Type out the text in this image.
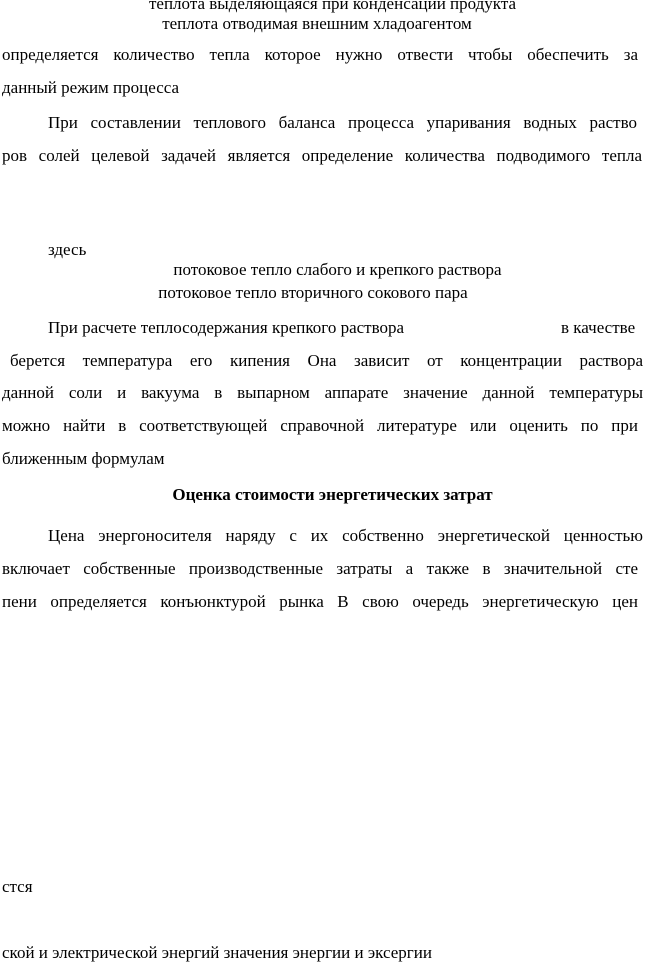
теплота выделяющаяся при конденсации продукта
теплота отводимая внешним хладоагентом
определяется количество тепла которое нужно отвести чтобы обеспечить за
данный режим процесса
При составлении теплового баланса процесса упаривания водных раство
ров солей целевой задачей является определение количества подводимого тепла
здесь
потоковое тепло слабого и крепкого раствора
потоковое тепло вторичного сокового пара
При расчете теплосодержания крепкого раствора	в качестве
берется температура его кипения Она зависит от концентрации раствора
данной соли и вакуума в выпарном аппарате значение данной температуры
можно найти в соответствующей справочной литературе или оценить по при
ближенным формулам
Оценка стоимости энергетических затрат
Цена энергоносителя наряду с их собственно энергетической ценностью
включает собственные производственные затраты а также в значительной сте
пени определяется конъюнктурой рынка В свою очередь энергетическую цен
стся
ской и электрической энергий значения энергии и эксергии
